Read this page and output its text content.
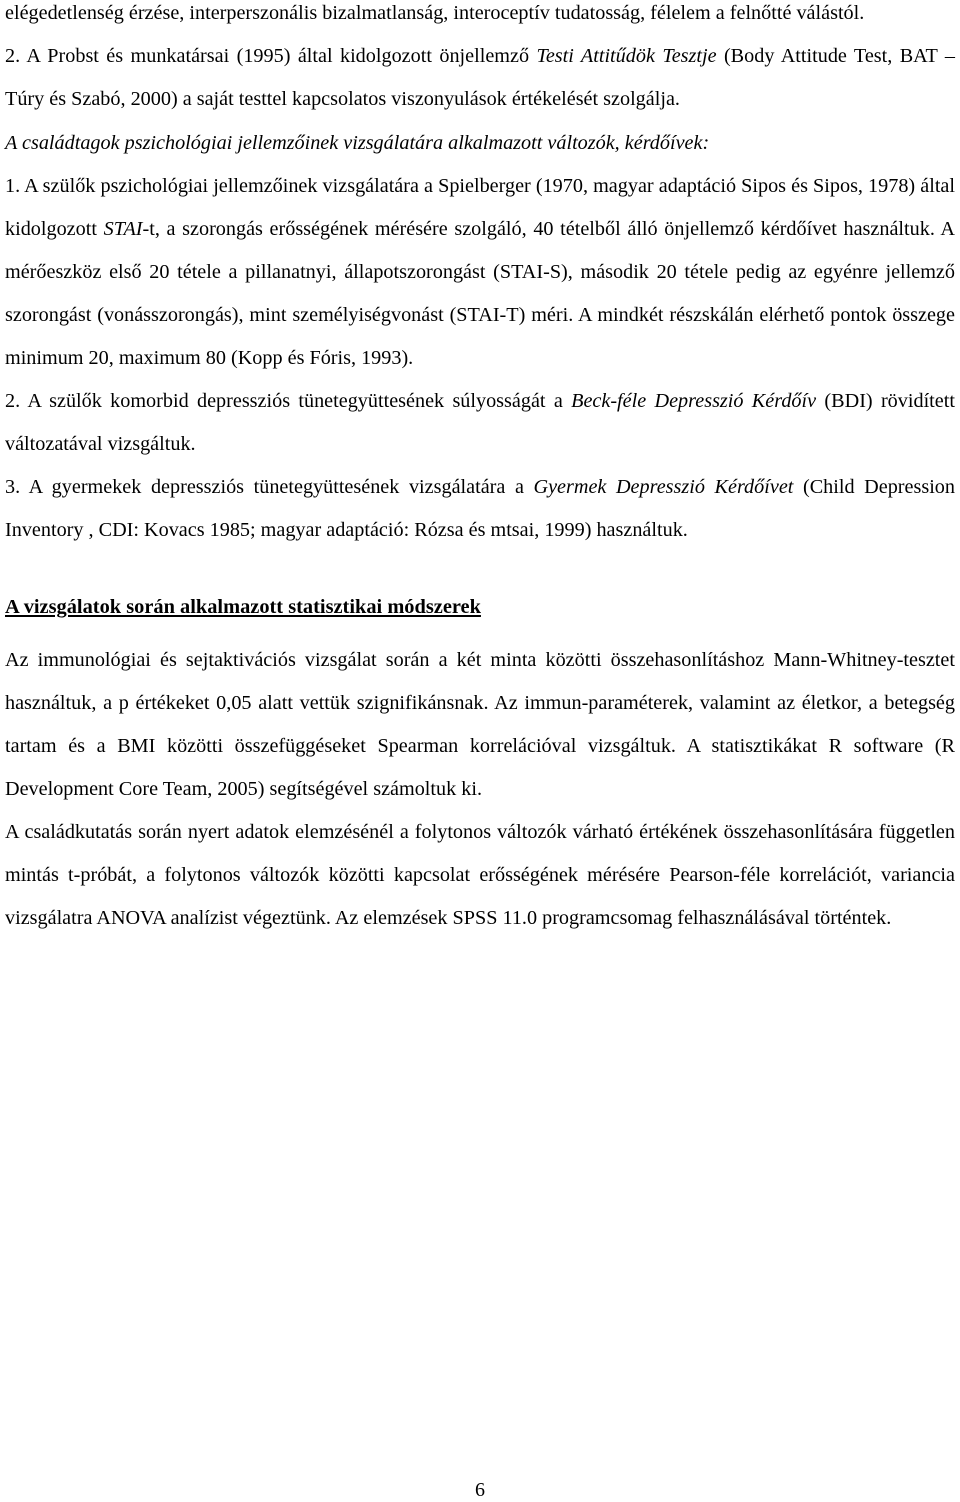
elégedetlenség érzése, interperszonális bizalmatlanság, interoceptív tudatosság, félelem a felnőtté válástól.

2. A Probst és munkatársai (1995) által kidolgozott önjellemző Testi Attitűdök Tesztje (Body Attitude Test, BAT – Túry és Szabó, 2000) a saját testtel kapcsolatos viszonyulások értékelését szolgálja.

A családtagok pszichológiai jellemzőinek vizsgálatára alkalmazott változók, kérdőívek:

1. A szülők pszichológiai jellemzőinek vizsgálatára a Spielberger (1970, magyar adaptáció Sipos és Sipos, 1978) által kidolgozott STAI-t, a szorongás erősségének mérésére szolgáló, 40 tételből álló önjellemző kérdőívet használtuk. A mérőeszköz első 20 tétele a pillanatnyi, állapotszorongást (STAI-S), második 20 tétele pedig az egyénre jellemző szorongást (vonásszorongás), mint személyiségvonást (STAI-T) méri. A mindkét részskálán elérhető pontok összege minimum 20, maximum 80 (Kopp és Fóris, 1993).

2. A szülők komorbid depressziós tünetegyüttesének súlyosságát a Beck-féle Depresszió Kérdőív (BDI) rövidített változatával vizsgáltuk.

3. A gyermekek depressziós tünetegyüttesének vizsgálatára a Gyermek Depresszió Kérdőívet (Child Depression Inventory , CDI: Kovacs 1985; magyar adaptáció: Rózsa és mtsai, 1999) használtuk.

A vizsgálatok során alkalmazott statisztikai módszerek

Az immunológiai és sejtaktivációs vizsgálat során a két minta közötti összehasonlításhoz Mann-Whitney-tesztet használtuk, a p értékeket 0,05 alatt vettük szignifikánsnak. Az immun-paraméterek, valamint az életkor, a betegség tartam és a BMI közötti összefüggéseket Spearman korrelációval vizsgáltuk. A statisztikákat R software (R Development Core Team, 2005) segítségével számoltuk ki.

A családkutatás során nyert adatok elemzésénél a folytonos változók várható értékének összehasonlítására független mintás t-próbát, a folytonos változók közötti kapcsolat erősségének mérésére Pearson-féle korrelációt, variancia vizsgálatra ANOVA analízist végeztünk. Az elemzések SPSS 11.0 programcsomag felhasználásával történtek.

6
